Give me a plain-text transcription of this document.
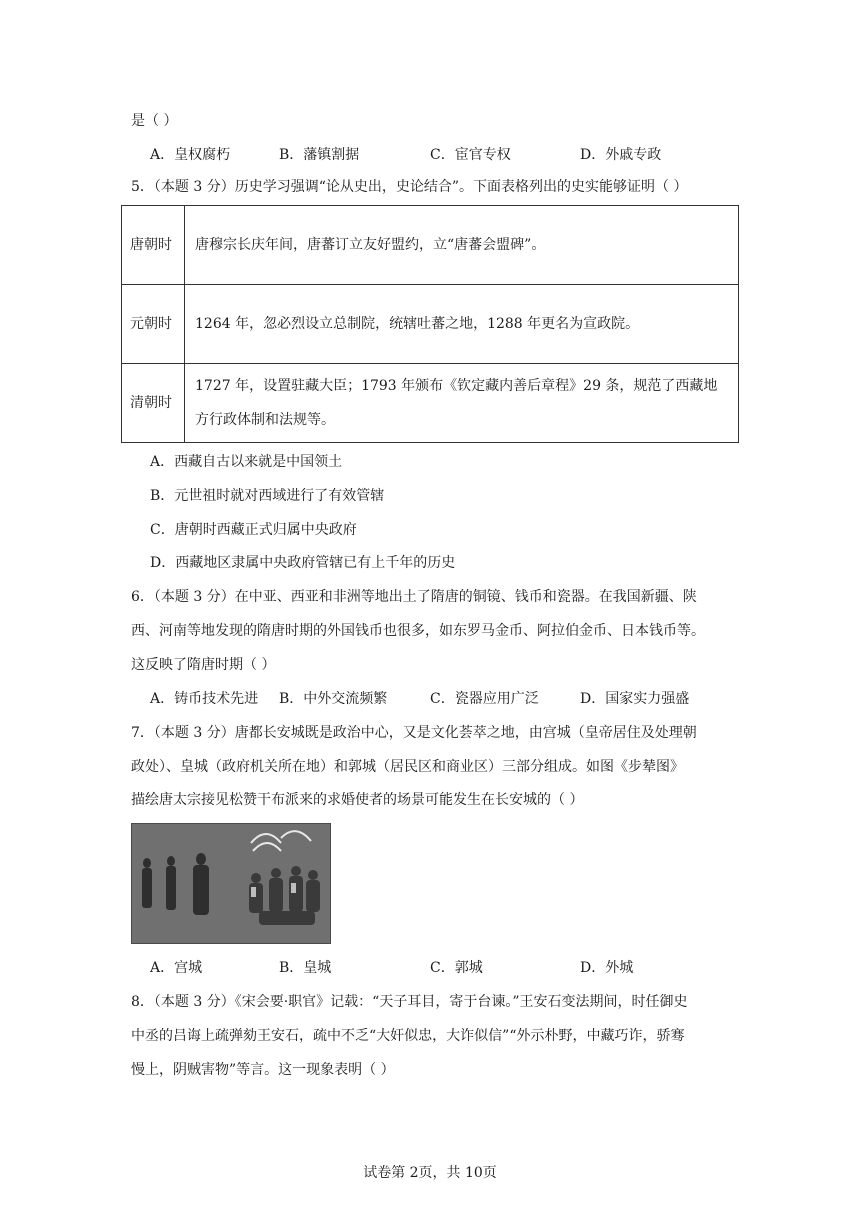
是（ ）
A．皇权腐朽	B．藩镇割据	C．宦官专权	D．外戚专政
5．（本题 3 分）历史学习强调“论从史出，史论结合”。下面表格列出的史实能够证明（ ）
唐朝时	唐穆宗长庆年间，唐蕃订立友好盟约，立“唐蕃会盟碑”。
元朝时	1264 年，忽必烈设立总制院，统辖吐蕃之地，1288 年更名为宣政院。
清朝时	1727 年，设置驻藏大臣；1793 年颁布《钦定藏内善后章程》29 条，规范了西藏地方行政体制和法规等。
A．西藏自古以来就是中国领土
B．元世祖时就对西域进行了有效管辖
C．唐朝时西藏正式归属中央政府
D．西藏地区隶属中央政府管辖已有上千年的历史
6．（本题 3 分）在中亚、西亚和非洲等地出土了隋唐的铜镜、钱币和瓷器。在我国新疆、陕
西、河南等地发现的隋唐时期的外国钱币也很多，如东罗马金币、阿拉伯金币、日本钱币等。
这反映了隋唐时期（ ）
A．铸币技术先进 B．中外交流频繁	C．瓷器应用广泛	D．国家实力强盛
7．（本题 3 分）唐都长安城既是政治中心，又是文化荟萃之地，由宫城（皇帝居住及处理朝
政处）、皇城（政府机关所在地）和郭城（居民区和商业区）三部分组成。如图《步辇图》
描绘唐太宗接见松赞干布派来的求婚使者的场景可能发生在长安城的（ ）
A．宫城	B．皇城	C．郭城	D．外城
8．（本题 3 分）《宋会要·职官》记载：“天子耳目，寄于台谏。”王安石变法期间，时任御史
中丞的吕诲上疏弹劾王安石，疏中不乏“大奸似忠，大诈似信”“外示朴野，中藏巧诈，骄骞
慢上，阴贼害物”等言。这一现象表明（ ）
试卷第 2页，共 10页
